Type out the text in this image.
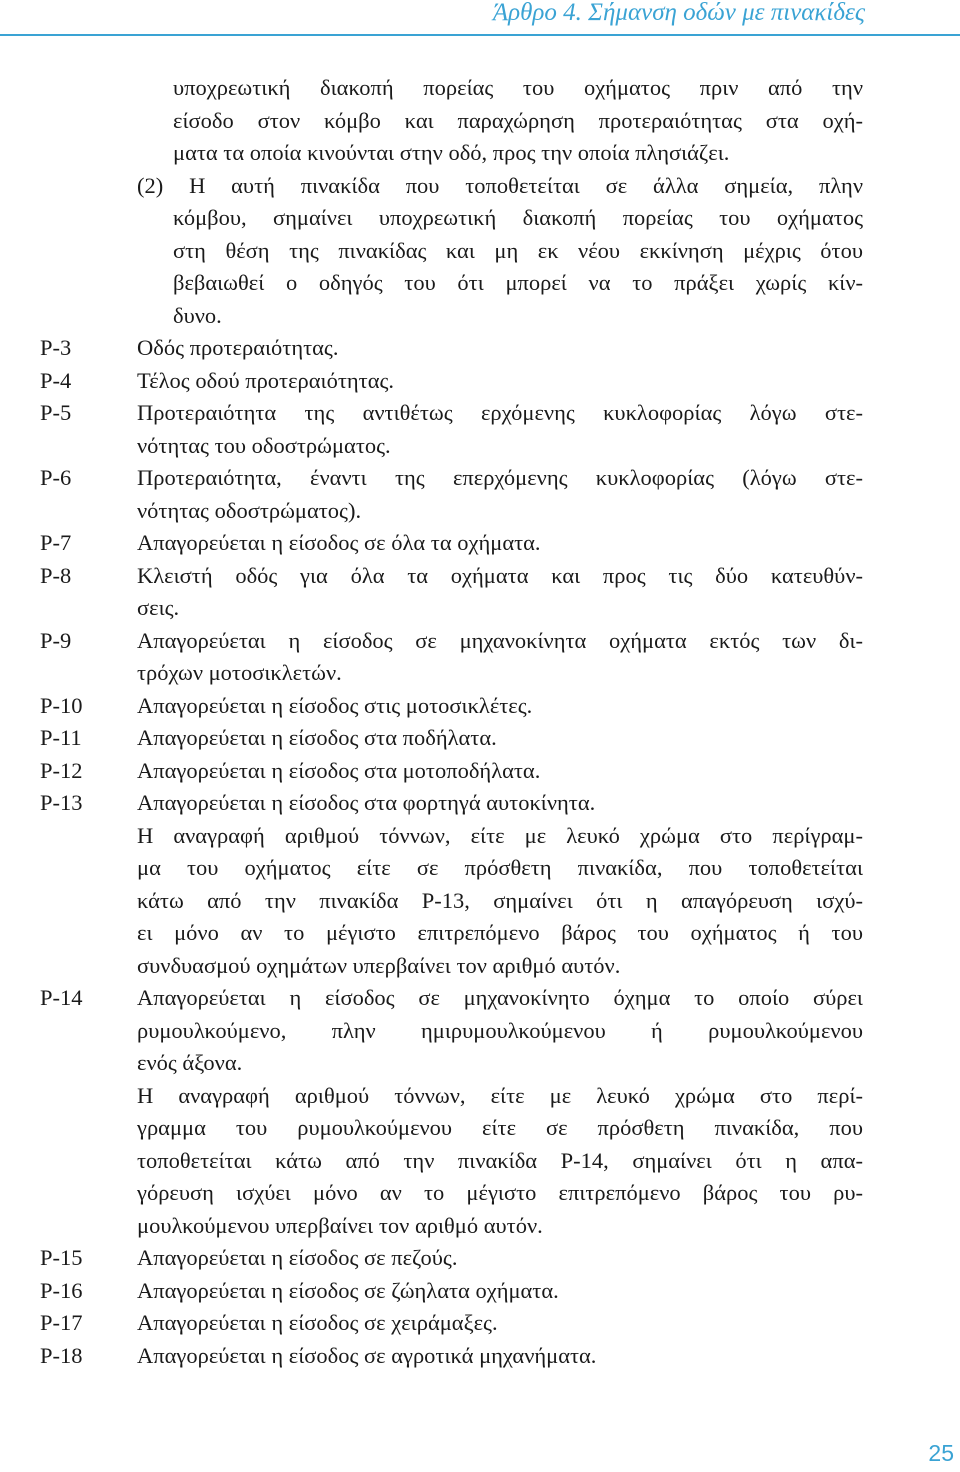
Άρθρο 4. Σήμανση οδών με πινακίδες
υποχρεωτική διακοπή πορείας του οχήματος πριν από την
είσοδο στον κόμβο και παραχώρηση προτεραιότητας στα οχή-
ματα τα οποία κινούνται στην οδό, προς την οποία πλησιάζει.
(2) Η αυτή πινακίδα που τοποθετείται σε άλλα σημεία, πλην
κόμβου, σημαίνει υποχρεωτική διακοπή πορείας του οχήματος
στη θέση της πινακίδας και μη εκ νέου εκκίνηση μέχρις ότου
βεβαιωθεί ο οδηγός του ότι μπορεί να το πράξει χωρίς κίν-
δυνο.
Ρ-3	Οδός προτεραιότητας.
Ρ-4	Τέλος οδού προτεραιότητας.
Ρ-5	Προτεραιότητα της αντιθέτως ερχόμενης κυκλοφορίας λόγω στε-
νότητας του οδοστρώματος.
Ρ-6	Προτεραιότητα, έναντι της επερχόμενης κυκλοφορίας (λόγω στε-
νότητας οδοστρώματος).
Ρ-7	Απαγορεύεται η είσοδος σε όλα τα οχήματα.
Ρ-8	Κλειστή οδός για όλα τα οχήματα και προς τις δύο κατευθύν-
σεις.
Ρ-9	Απαγορεύεται η είσοδος σε μηχανοκίνητα οχήματα εκτός των δι-
τρόχων μοτοσικλετών.
Ρ-10 Απαγορεύεται η είσοδος στις μοτοσικλέτες.
Ρ-11 Απαγορεύεται η είσοδος στα ποδήλατα.
Ρ-12 Απαγορεύεται η είσοδος στα μοτοποδήλατα.
Ρ-13 Απαγορεύεται η είσοδος στα φορτηγά αυτοκίνητα.
Η αναγραφή αριθμού τόννων, είτε με λευκό χρώμα στο περίγραμ-
μα του οχήματος είτε σε πρόσθετη πινακίδα, που τοποθετείται
κάτω από την πινακίδα Ρ-13, σημαίνει ότι η απαγόρευση ισχύ-
ει μόνο αν το μέγιστο επιτρεπόμενο βάρος του οχήματος ή του
συνδυασμού οχημάτων υπερβαίνει τον αριθμό αυτόν.
Ρ-14 Απαγορεύεται η είσοδος σε μηχανοκίνητο όχημα το οποίο σύρει
ρυμουλκούμενο, πλην ημιρυμουλκούμενου ή ρυμουλκούμενου
ενός άξονα.
Η αναγραφή αριθμού τόννων, είτε με λευκό χρώμα στο περί-
γραμμα του ρυμουλκούμενου είτε σε πρόσθετη πινακίδα, που
τοποθετείται κάτω από την πινακίδα Ρ-14, σημαίνει ότι η απα-
γόρευση ισχύει μόνο αν το μέγιστο επιτρεπόμενο βάρος του ρυ-
μουλκούμενου υπερβαίνει τον αριθμό αυτόν.
Ρ-15 Απαγορεύεται η είσοδος σε πεζούς.
Ρ-16 Απαγορεύεται η είσοδος σε ζώηλατα οχήματα.
Ρ-17 Απαγορεύεται η είσοδος σε χειράμαξες.
Ρ-18 Απαγορεύεται η είσοδος σε αγροτικά μηχανήματα.
25
